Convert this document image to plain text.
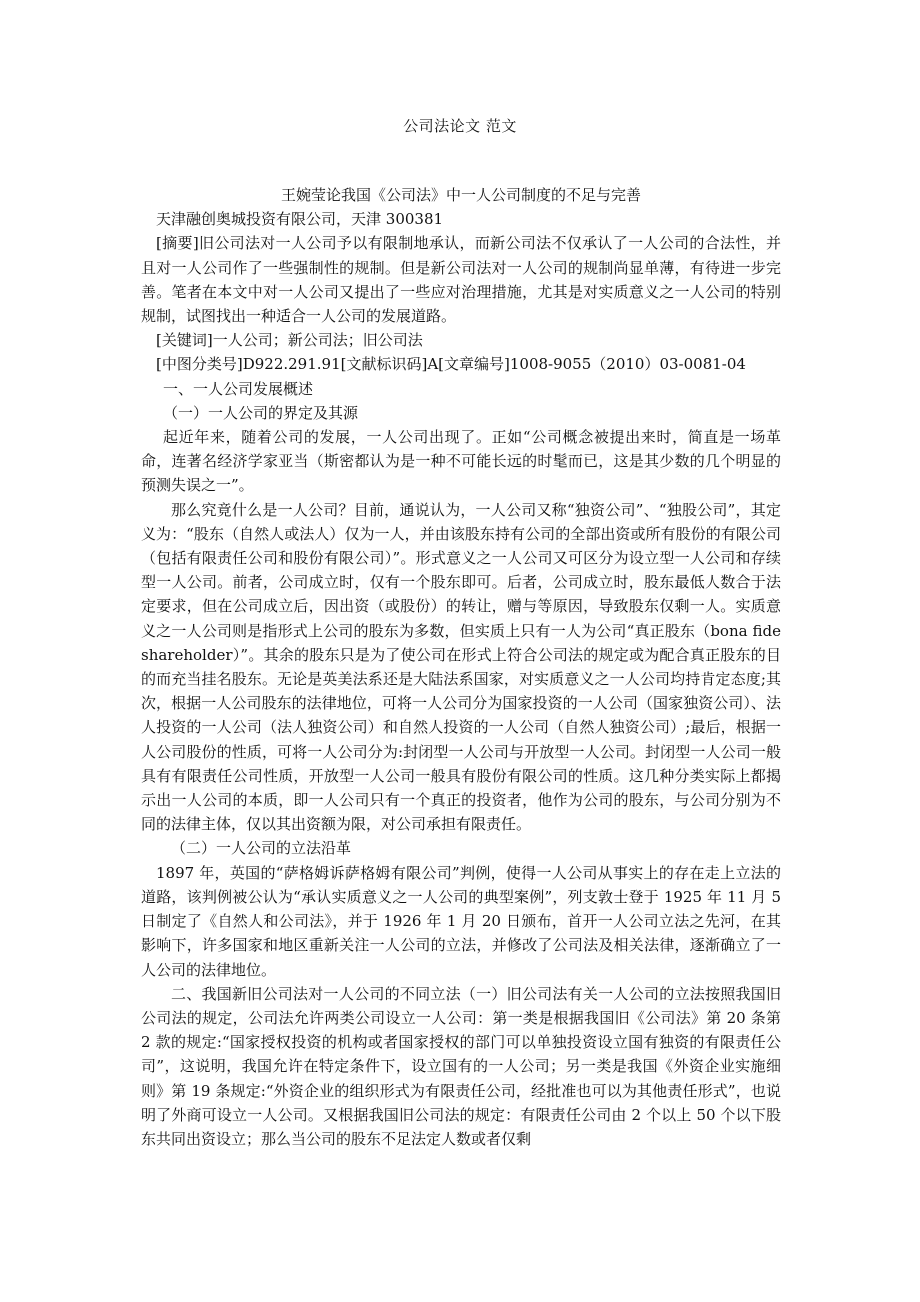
公司法论文 范文

王婉莹论我国《公司法》中一人公司制度的不足与完善

天津融创奥城投资有限公司，天津 300381

[摘要]旧公司法对一人公司予以有限制地承认，而新公司法不仅承认了一人公司的合法性，并且对一人公司作了一些强制性的规制。但是新公司法对一人公司的规制尚显单薄，有待进一步完善。笔者在本文中对一人公司又提出了一些应对治理措施，尤其是对实质意义之一人公司的特别规制，试图找出一种适合一人公司的发展道路。

[关键词]一人公司；新公司法；旧公司法

[中图分类号]D922.291.91[文献标识码]A[文章编号]1008-9055（2010）03-0081-04

一、一人公司发展概述

（一）一人公司的界定及其源

起近年来，随着公司的发展，一人公司出现了。正如“公司概念被提出来时，简直是一场革命，连著名经济学家亚当（斯密都认为是一种不可能长远的时髦而已，这是其少数的几个明显的预测失误之一”。

那么究竟什么是一人公司？目前，通说认为，一人公司又称“独资公司”、“独股公司”，其定义为：“股东（自然人或法人）仅为一人，并由该股东持有公司的全部出资或所有股份的有限公司（包括有限责任公司和股份有限公司）”。形式意义之一人公司又可区分为设立型一人公司和存续型一人公司。前者，公司成立时，仅有一个股东即可。后者，公司成立时，股东最低人数合于法定要求，但在公司成立后，因出资（或股份）的转让，赠与等原因，导致股东仅剩一人。实质意义之一人公司则是指形式上公司的股东为多数，但实质上只有一人为公司“真正股东（bona fide shareholder）”。其余的股东只是为了使公司在形式上符合公司法的规定或为配合真正股东的目的而充当挂名股东。无论是英美法系还是大陆法系国家，对实质意义之一人公司均持肯定态度;其次，根据一人公司股东的法律地位，可将一人公司分为国家投资的一人公司（国家独资公司）、法人投资的一人公司（法人独资公司）和自然人投资的一人公司（自然人独资公司）;最后，根据一人公司股份的性质，可将一人公司分为:封闭型一人公司与开放型一人公司。封闭型一人公司一般具有有限责任公司性质，开放型一人公司一般具有股份有限公司的性质。这几种分类实际上都揭示出一人公司的本质，即一人公司只有一个真正的投资者，他作为公司的股东，与公司分别为不同的法律主体，仅以其出资额为限，对公司承担有限责任。

（二）一人公司的立法沿革

1897 年，英国的“萨格姆诉萨格姆有限公司”判例，使得一人公司从事实上的存在走上立法的道路，该判例被公认为“承认实质意义之一人公司的典型案例”，列支敦士登于 1925 年 11 月 5 日制定了《自然人和公司法》，并于 1926 年 1 月 20 日颁布，首开一人公司立法之先河，在其影响下，许多国家和地区重新关注一人公司的立法，并修改了公司法及相关法律，逐渐确立了一人公司的法律地位。

二、我国新旧公司法对一人公司的不同立法（一）旧公司法有关一人公司的立法按照我国旧公司法的规定，公司法允许两类公司设立一人公司：第一类是根据我国旧《公司法》第 20 条第 2 款的规定:“国家授权投资的机构或者国家授权的部门可以单独投资设立国有独资的有限责任公司”，这说明，我国允许在特定条件下，设立国有的一人公司；另一类是我国《外资企业实施细则》第 19 条规定:“外资企业的组织形式为有限责任公司，经批准也可以为其他责任形式”，也说明了外商可设立一人公司。又根据我国旧公司法的规定：有限责任公司由 2 个以上 50 个以下股东共同出资设立；那么当公司的股东不足法定人数或者仅剩
